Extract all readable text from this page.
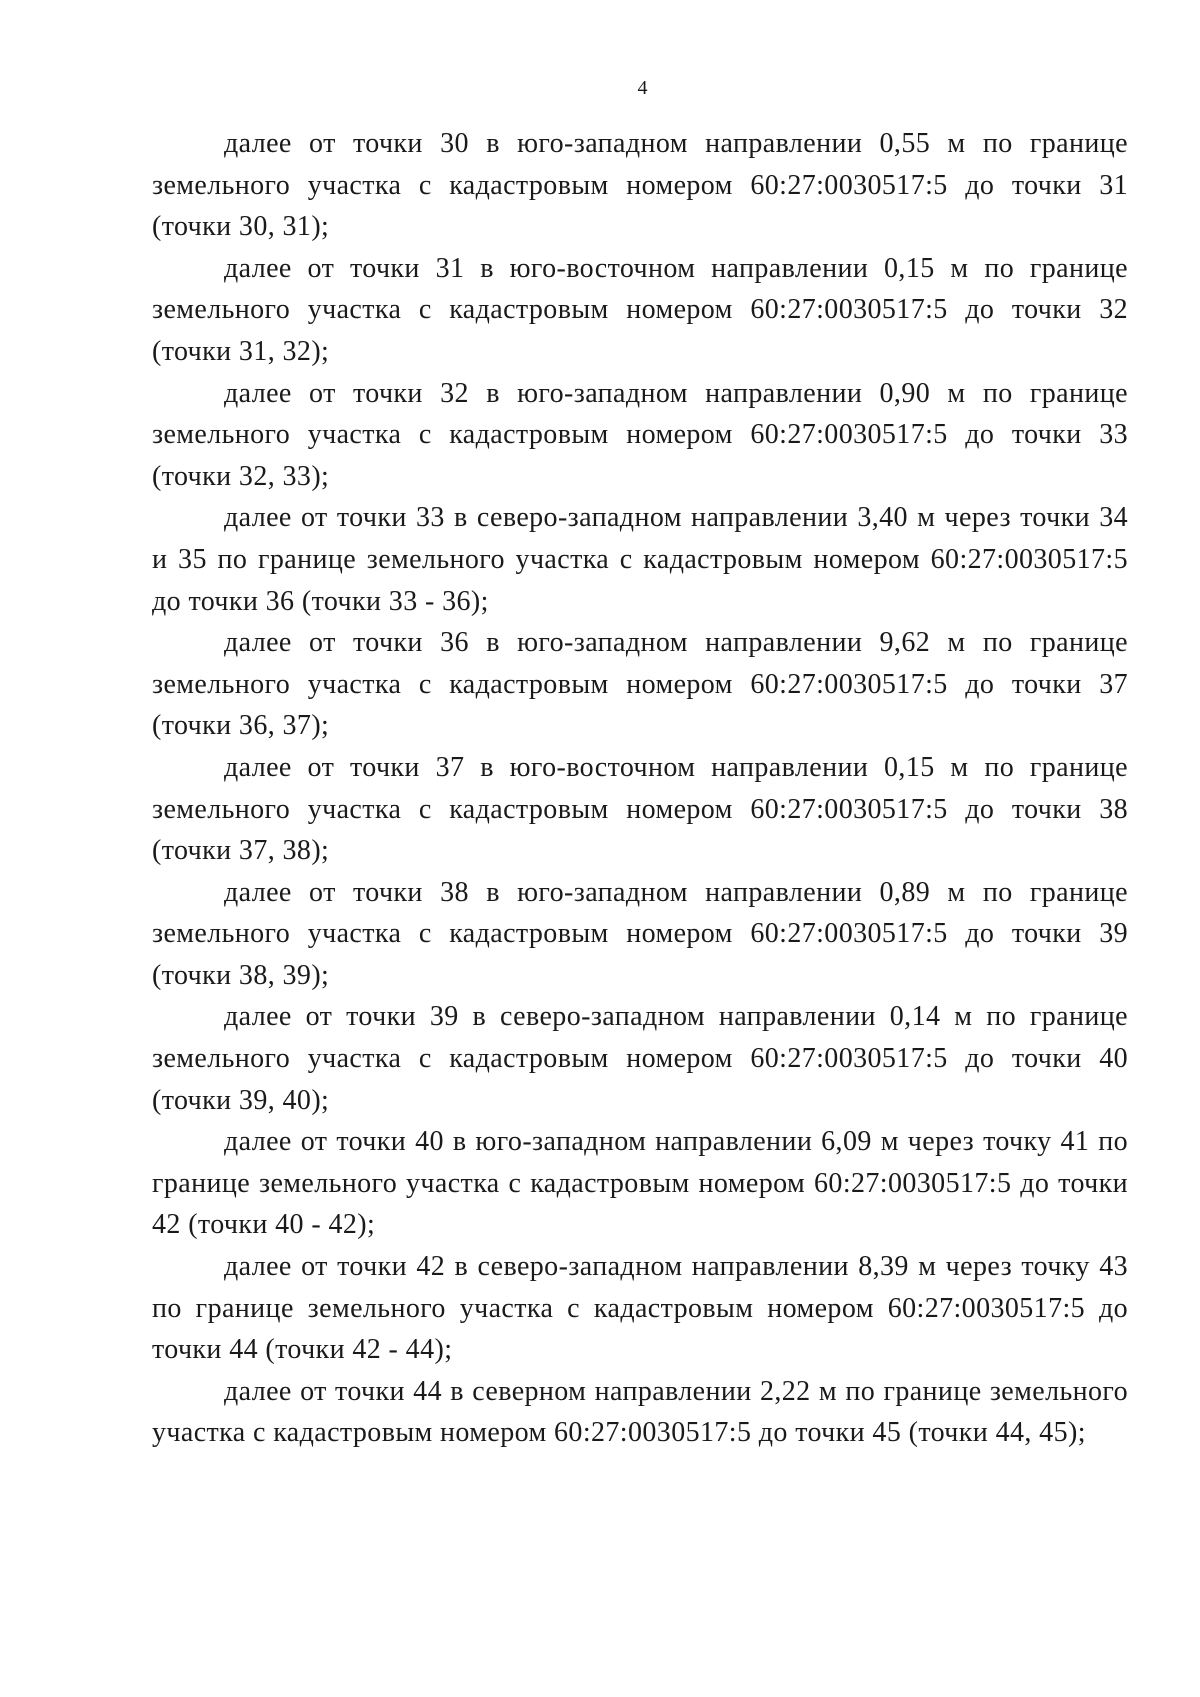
4

далее от точки 30 в юго-западном направлении 0,55 м по границе земельного участка с кадастровым номером 60:27:0030517:5 до точки 31 (точки 30, 31);

далее от точки 31 в юго-восточном направлении 0,15 м по границе земельного участка с кадастровым номером 60:27:0030517:5 до точки 32 (точки 31, 32);

далее от точки 32 в юго-западном направлении 0,90 м по границе земельного участка с кадастровым номером 60:27:0030517:5 до точки 33 (точки 32, 33);

далее от точки 33 в северо-западном направлении 3,40 м через точки 34 и 35 по границе земельного участка с кадастровым номером 60:27:0030517:5 до точки 36 (точки 33 - 36);

далее от точки 36 в юго-западном направлении 9,62 м по границе земельного участка с кадастровым номером 60:27:0030517:5 до точки 37 (точки 36, 37);

далее от точки 37 в юго-восточном направлении 0,15 м по границе земельного участка с кадастровым номером 60:27:0030517:5 до точки 38 (точки 37, 38);

далее от точки 38 в юго-западном направлении 0,89 м по границе земельного участка с кадастровым номером 60:27:0030517:5 до точки 39 (точки 38, 39);

далее от точки 39 в северо-западном направлении 0,14 м по границе земельного участка с кадастровым номером 60:27:0030517:5 до точки 40 (точки 39, 40);

далее от точки 40 в юго-западном направлении 6,09 м через точку 41 по границе земельного участка с кадастровым номером 60:27:0030517:5 до точки 42 (точки 40 - 42);

далее от точки 42 в северо-западном направлении 8,39 м через точку 43 по границе земельного участка с кадастровым номером 60:27:0030517:5 до точки 44 (точки 42 - 44);

далее от точки 44 в северном направлении 2,22 м по границе земельного участка с кадастровым номером 60:27:0030517:5 до точки 45 (точки 44, 45);
